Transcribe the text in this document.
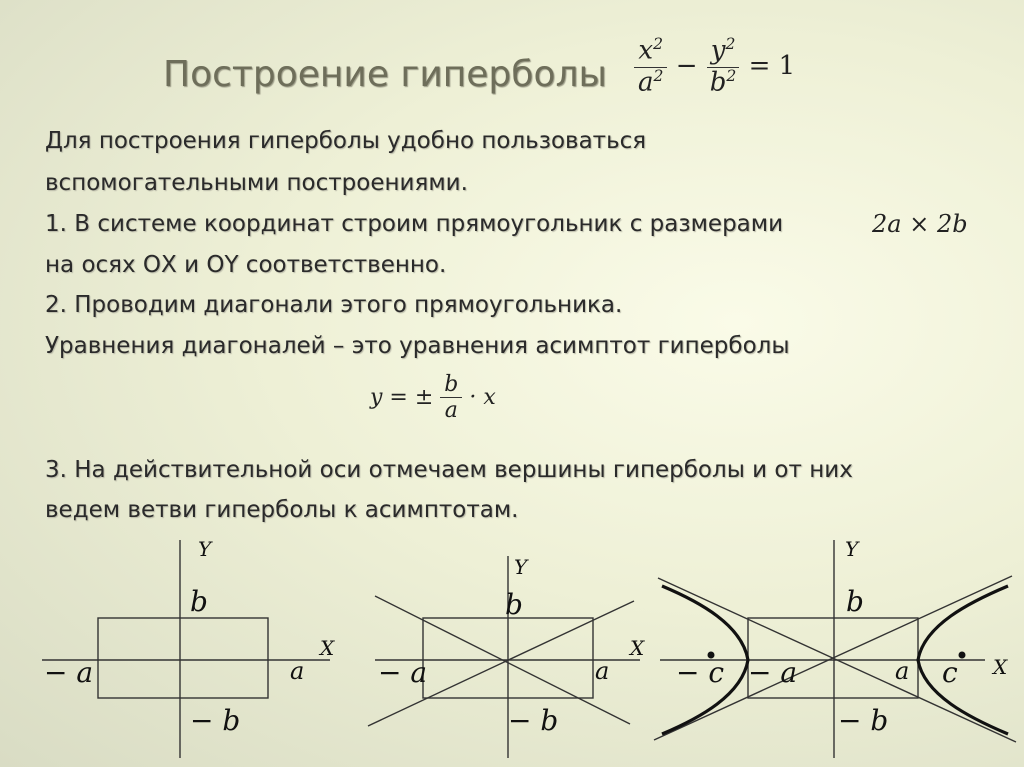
Построение гиперболы $\frac{x^2}{a^2} - \frac{y^2}{b^2} = 1$
Для построения гиперболы удобно пользоваться
вспомогательными построениями.
1. В системе координат строим прямоугольник с размерами	2a × 2b
на осях ОХ и ОY соответственно.
2. Проводим диагонали этого прямоугольника.
Уравнения диагоналей – это уравнения асимптот гиперболы
y = ± $\frac{b}{a} \cdot x$
3. На действительной оси отмечаем вершины гиперболы и от них
ведем ветви гиперболы к асимптотам.
Y
b
X
− a	a
− b
Y
b
X
− a	a
− b
Y
b
X
− c − a	a c
− b
